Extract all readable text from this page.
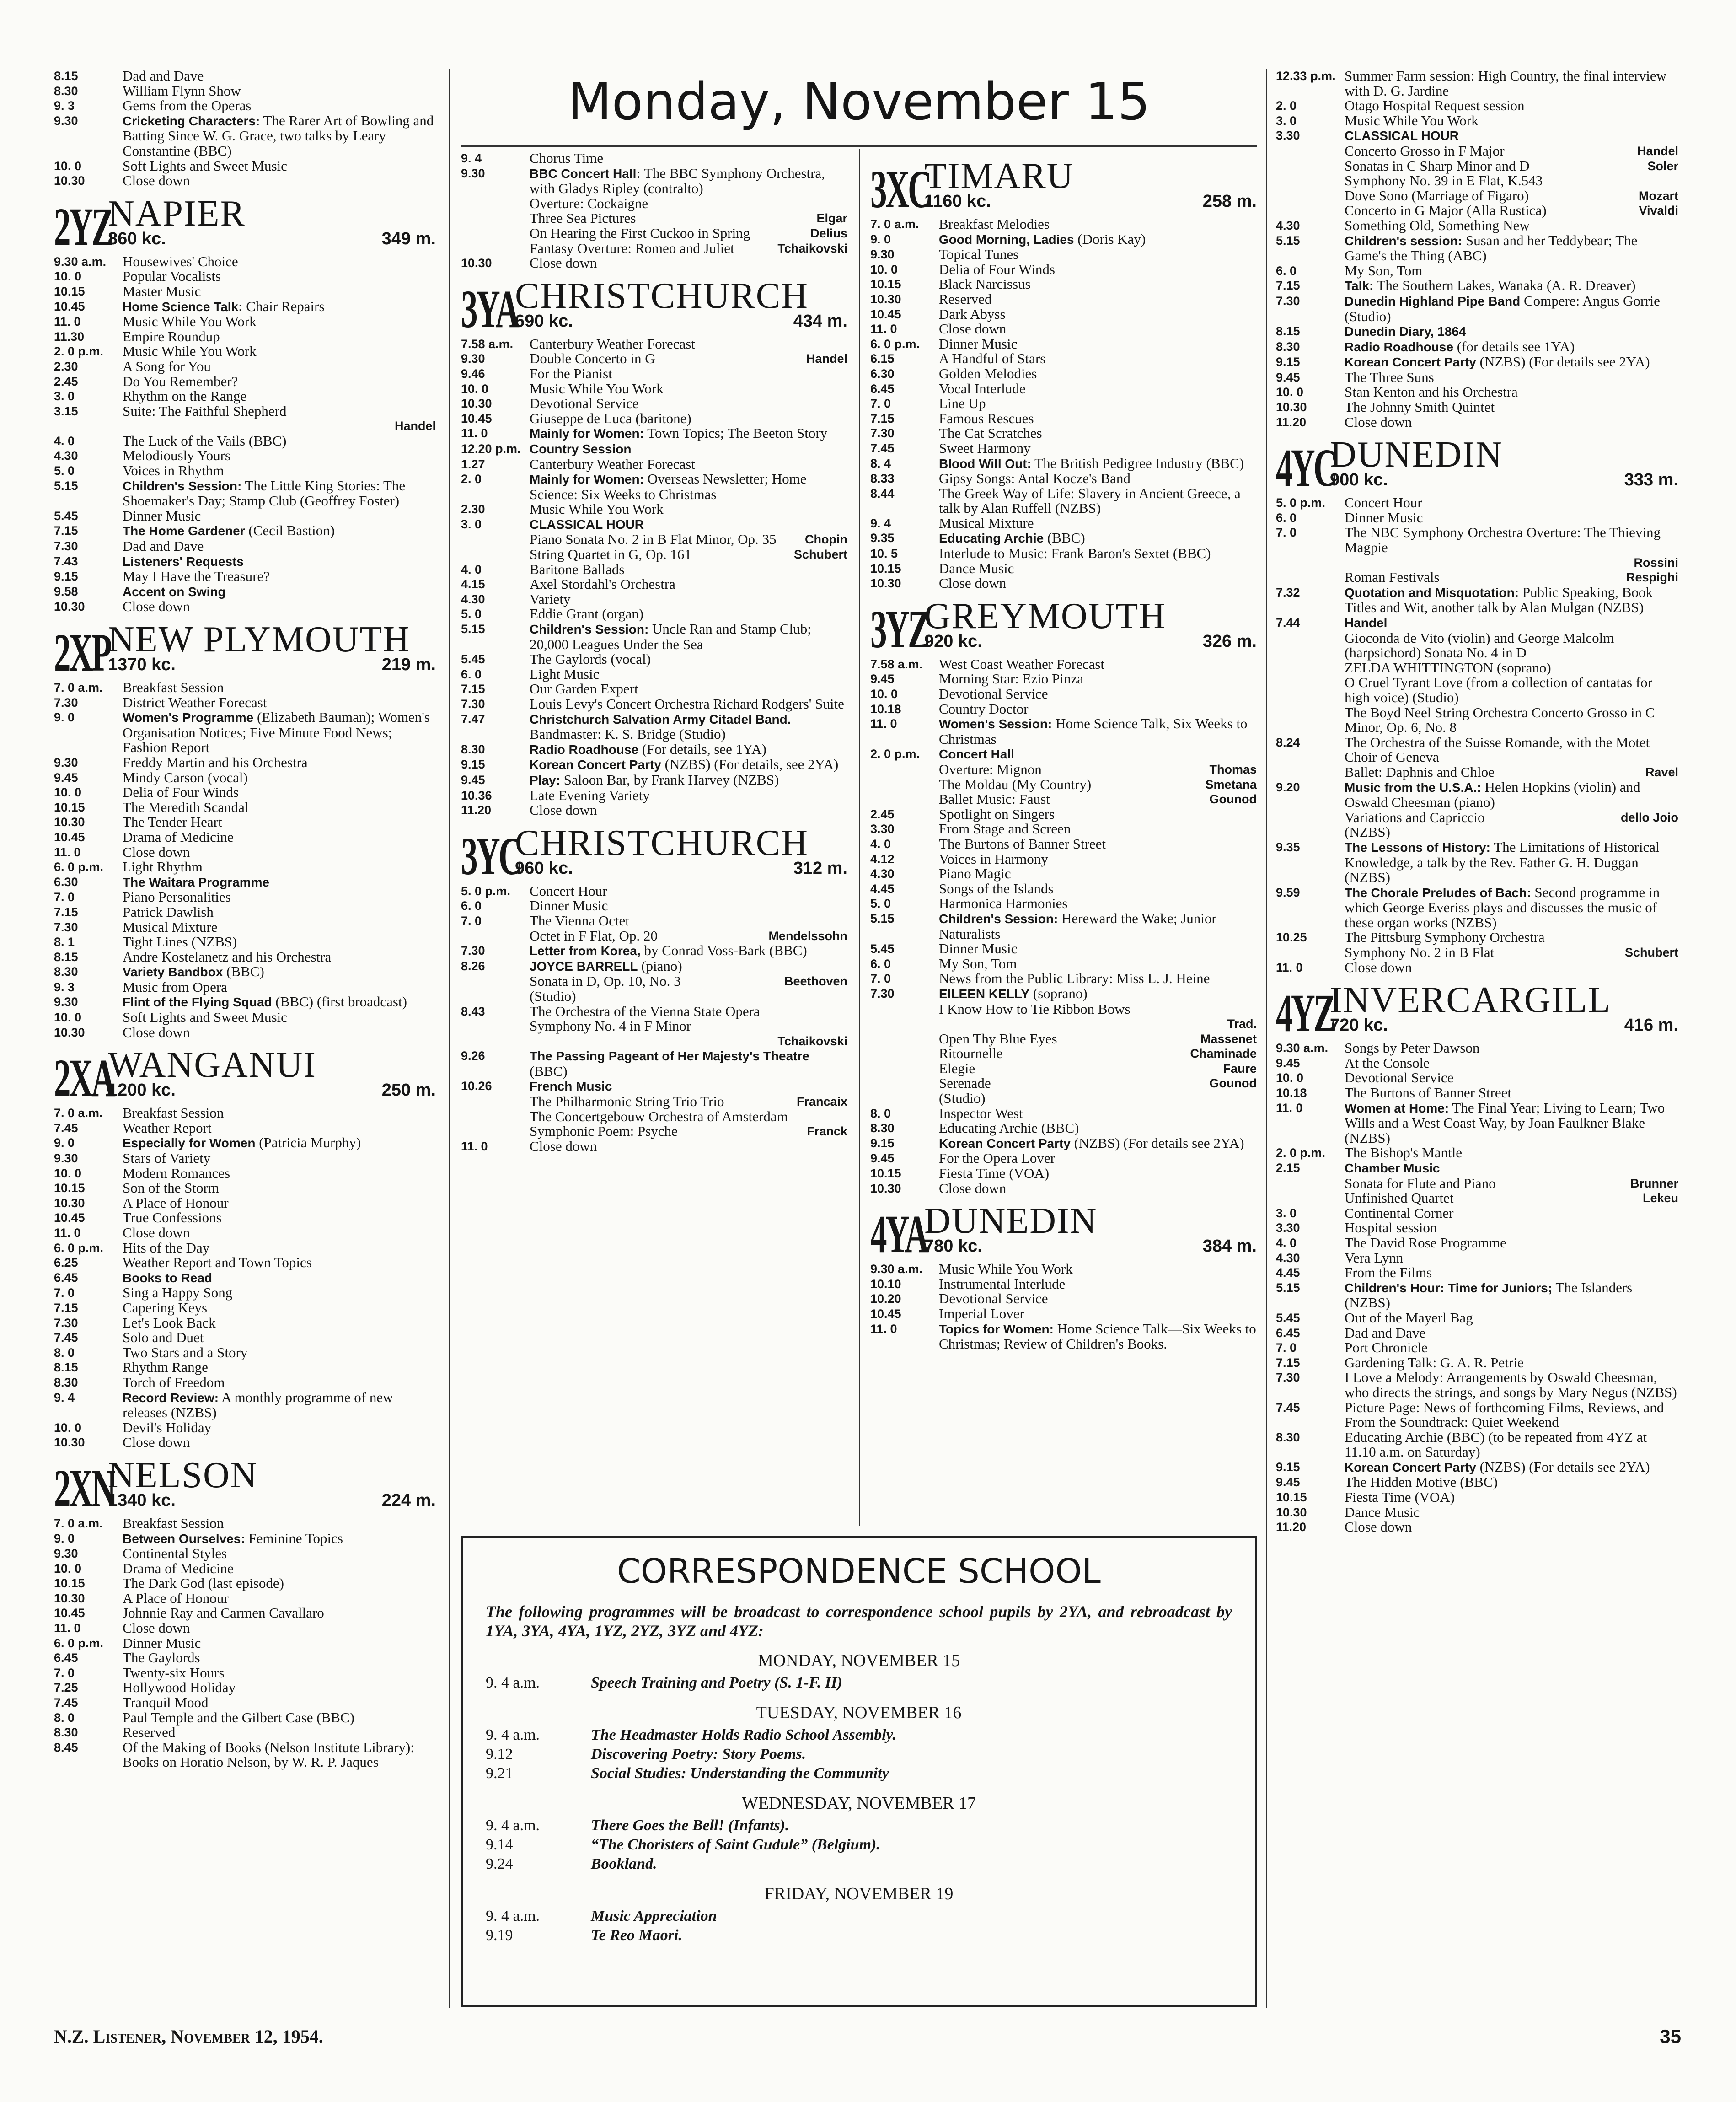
Monday, November 15
8.15	Dad and Dave
8.30	William Flynn Show
9. 3	Gems from the Operas
9.30	Cricketing Characters: The Rarer Art of Bowling and Batting Since W. G. Grace, two talks by Leary Constantine (BBC)
10. 0	Soft Lights and Sweet Music
10.30	Close down
2YZ
NAPIER
860 kc.	349 m.
9.30 a.m.	Housewives' Choice
10. 0	Popular Vocalists
10.15	Master Music
10.45	Home Science Talk: Chair Repairs
11. 0	Music While You Work
11.30	Empire Roundup
2. 0 p.m.	Music While You Work
2.30	A Song for You
2.45	Do You Remember?
3. 0	Rhythm on the Range
3.15	Suite: The Faithful Shepherd
Handel
4. 0	The Luck of the Vails (BBC)
4.30	Melodiously Yours
5. 0	Voices in Rhythm
5.15	Children's Session: The Little King Stories: The Shoemaker's Day; Stamp Club (Geoffrey Foster)
5.45	Dinner Music
7.15	The Home Gardener (Cecil Bastion)
7.30	Dad and Dave
7.43	Listeners' Requests
9.15	May I Have the Treasure?
9.58	Accent on Swing
10.30	Close down
2XP
NEW PLYMOUTH
1370 kc.	219 m.
7. 0 a.m.	Breakfast Session
7.30	District Weather Forecast
9. 0	Women's Programme (Elizabeth Bauman); Women's Organisation Notices; Five Minute Food News; Fashion Report
9.30	Freddy Martin and his Orchestra
9.45	Mindy Carson (vocal)
10. 0	Delia of Four Winds
10.15	The Meredith Scandal
10.30	The Tender Heart
10.45	Drama of Medicine
11. 0	Close down
6. 0 p.m.	Light Rhythm
6.30	The Waitara Programme
7. 0	Piano Personalities
7.15	Patrick Dawlish
7.30	Musical Mixture
8. 1	Tight Lines (NZBS)
8.15	Andre Kostelanetz and his Orchestra
8.30	Variety Bandbox (BBC)
9. 3	Music from Opera
9.30	Flint of the Flying Squad (BBC) (first broadcast)
10. 0	Soft Lights and Sweet Music
10.30	Close down
2XA
WANGANUI
1200 kc.	250 m.
7. 0 a.m.	Breakfast Session
7.45	Weather Report
9. 0	Especially for Women (Patricia Murphy)
9.30	Stars of Variety
10. 0	Modern Romances
10.15	Son of the Storm
10.30	A Place of Honour
10.45	True Confessions
11. 0	Close down
6. 0 p.m.	Hits of the Day
6.25	Weather Report and Town Topics
6.45	Books to Read
7. 0	Sing a Happy Song
7.15	Capering Keys
7.30	Let's Look Back
7.45	Solo and Duet
8. 0	Two Stars and a Story
8.15	Rhythm Range
8.30	Torch of Freedom
9. 4	Record Review: A monthly programme of new releases (NZBS)
10. 0	Devil's Holiday
10.30	Close down
2XN
NELSON
1340 kc.	224 m.
7. 0 a.m.	Breakfast Session
9. 0	Between Ourselves: Feminine Topics
9.30	Continental Styles
10. 0	Drama of Medicine
10.15	The Dark God (last episode)
10.30	A Place of Honour
10.45	Johnnie Ray and Carmen Cavallaro
11. 0	Close down
6. 0 p.m.	Dinner Music
6.45	The Gaylords
7. 0	Twenty-six Hours
7.25	Hollywood Holiday
7.45	Tranquil Mood
8. 0	Paul Temple and the Gilbert Case (BBC)
8.30	Reserved
8.45	Of the Making of Books (Nelson Institute Library): Books on Horatio Nelson, by W. R. P. Jaques
9. 4	Chorus Time
9.30	BBC Concert Hall: The BBC Symphony Orchestra, with Gladys Ripley (contralto)
Overture: Cockaigne
Three Sea Pictures	Elgar
On Hearing the First Cuckoo in Spring	Delius
Fantasy Overture: Romeo and Juliet	Tchaikovski
10.30	Close down
3YA
CHRISTCHURCH
690 kc.	434 m.
7.58 a.m.	Canterbury Weather Forecast
9.30	Double Concerto in G	Handel
9.46	For the Pianist
10. 0	Music While You Work
10.30	Devotional Service
10.45	Giuseppe de Luca (baritone)
11. 0	Mainly for Women: Town Topics; The Beeton Story
12.20 p.m. Country Session
1.27	Canterbury Weather Forecast
2. 0	Mainly for Women: Overseas Newsletter; Home Science: Six Weeks to Christmas
2.30	Music While You Work
3. 0	CLASSICAL HOUR
Piano Sonata No. 2 in B Flat Minor, Op. 35 Chopin
String Quartet in G, Op. 161	Schubert
4. 0	Baritone Ballads
4.15	Axel Stordahl's Orchestra
4.30	Variety
5. 0	Eddie Grant (organ)
5.15	Children's Session: Uncle Ran and Stamp Club; 20,000 Leagues Under the Sea
5.45	The Gaylords (vocal)
6. 0	Light Music
7.15	Our Garden Expert
7.30	Louis Levy's Concert Orchestra Richard Rodgers' Suite
7.47	Christchurch Salvation Army Citadel Band. Bandmaster: K. S. Bridge (Studio)
8.30	Radio Roadhouse (For details, see 1YA)
9.15	Korean Concert Party (NZBS) (For details, see 2YA)
9.45	Play: Saloon Bar, by Frank Harvey (NZBS)
10.36	Late Evening Variety
11.20	Close down
3YC
CHRISTCHURCH
960 kc.	312 m.
5. 0 p.m.	Concert Hour
6. 0	Dinner Music
7. 0	The Vienna Octet
Octet in F Flat, Op. 20	Mendelssohn
7.30	Letter from Korea, by Conrad Voss-Bark (BBC)
8.26	JOYCE BARRELL (piano)
Sonata in D, Op. 10, No. 3	Beethoven
(Studio)
8.43	The Orchestra of the Vienna State Opera
Symphony No. 4 in F Minor
Tchaikovski
9.26	The Passing Pageant of Her Majesty's Theatre (BBC)
10.26	French Music
The Philharmonic String Trio Trio	Francaix
The Concertgebouw Orchestra of Amsterdam
Symphonic Poem: Psyche	Franck
11. 0	Close down
3XC
TIMARU
1160 kc.	258 m.
7. 0 a.m.	Breakfast Melodies
9. 0	Good Morning, Ladies (Doris Kay)
9.30	Topical Tunes
10. 0	Delia of Four Winds
10.15	Black Narcissus
10.30	Reserved
10.45	Dark Abyss
11. 0	Close down
6. 0 p.m.	Dinner Music
6.15	A Handful of Stars
6.30	Golden Melodies
6.45	Vocal Interlude
7. 0	Line Up
7.15	Famous Rescues
7.30	The Cat Scratches
7.45	Sweet Harmony
8. 4	Blood Will Out: The British Pedigree Industry (BBC)
8.33	Gipsy Songs: Antal Kocze's Band
8.44	The Greek Way of Life: Slavery in Ancient Greece, a talk by Alan Ruffell (NZBS)
9. 4	Musical Mixture
9.35	Educating Archie (BBC)
10. 5	Interlude to Music: Frank Baron's Sextet (BBC)
10.15	Dance Music
10.30	Close down
3YZ
GREYMOUTH
920 kc.	326 m.
7.58 a.m.	West Coast Weather Forecast
9.45	Morning Star: Ezio Pinza
10. 0	Devotional Service
10.18	Country Doctor
11. 0	Women's Session: Home Science Talk, Six Weeks to Christmas
2. 0 p.m.	Concert Hall
Overture: Mignon	Thomas
The Moldau (My Country)	Smetana
Ballet Music: Faust	Gounod
2.45	Spotlight on Singers
3.30	From Stage and Screen
4. 0	The Burtons of Banner Street
4.12	Voices in Harmony
4.30	Piano Magic
4.45	Songs of the Islands
5. 0	Harmonica Harmonies
5.15	Children's Session: Hereward the Wake; Junior Naturalists
5.45	Dinner Music
6. 0	My Son, Tom
7. 0	News from the Public Library: Miss L. J. Heine
7.30	EILEEN KELLY (soprano)
I Know How to Tie Ribbon Bows
Trad.
Open Thy Blue Eyes	Massenet
Ritournelle	Chaminade
Elegie	Faure
Serenade	Gounod
(Studio)
8. 0	Inspector West
8.30	Educating Archie (BBC)
9.15	Korean Concert Party (NZBS) (For details see 2YA)
9.45	For the Opera Lover
10.15	Fiesta Time (VOA)
10.30	Close down
4YA
DUNEDIN
780 kc.	384 m.
9.30 a.m.	Music While You Work
10.10	Instrumental Interlude
10.20	Devotional Service
10.45	Imperial Lover
11. 0	Topics for Women: Home Science Talk—Six Weeks to Christmas; Review of Children's Books.
12.33 p.m. Summer Farm session: High Country, the final interview with D. G. Jardine
2. 0	Otago Hospital Request session
3. 0	Music While You Work
3.30	CLASSICAL HOUR
Concerto Grosso in F Major	Handel
Sonatas in C Sharp Minor and D	Soler
Symphony No. 39 in E Flat, K.543
Dove Sono (Marriage of Figaro)	Mozart
Concerto in G Major (Alla Rustica)	Vivaldi
4.30	Something Old, Something New
5.15	Children's session: Susan and her Teddybear; The Game's the Thing (ABC)
6. 0	My Son, Tom
7.15	Talk: The Southern Lakes, Wanaka (A. R. Dreaver)
7.30	Dunedin Highland Pipe Band Compere: Angus Gorrie (Studio)
8.15	Dunedin Diary, 1864
8.30	Radio Roadhouse (for details see 1YA)
9.15	Korean Concert Party (NZBS) (For details see 2YA)
9.45	The Three Suns
10. 0	Stan Kenton and his Orchestra
10.30	The Johnny Smith Quintet
11.20	Close down
4YC
DUNEDIN
900 kc.	333 m.
5. 0 p.m.	Concert Hour
6. 0	Dinner Music
7. 0	The NBC Symphony Orchestra Overture: The Thieving Magpie
Rossini
Roman Festivals	Respighi
7.32	Quotation and Misquotation: Public Speaking, Book Titles and Wit, another talk by Alan Mulgan (NZBS)
7.44	Handel
Gioconda de Vito (violin) and George Malcolm (harpsichord) Sonata No. 4 in D
ZELDA WHITTINGTON (soprano)
O Cruel Tyrant Love (from a collection of cantatas for high voice) (Studio)
The Boyd Neel String Orchestra Concerto Grosso in C Minor, Op. 6, No. 8
8.24	The Orchestra of the Suisse Romande, with the Motet Choir of Geneva
Ballet: Daphnis and Chloe	Ravel
9.20	Music from the U.S.A.: Helen Hopkins (violin) and Oswald Cheesman (piano)
Variations and Capriccio	dello Joio
(NZBS)
9.35	The Lessons of History: The Limitations of Historical Knowledge, a talk by the Rev. Father G. H. Duggan (NZBS)
9.59	The Chorale Preludes of Bach: Second programme in which George Everiss plays and discusses the music of these organ works (NZBS)
10.25	The Pittsburg Symphony Orchestra
Symphony No. 2 in B Flat	Schubert
11. 0	Close down
4YZ
INVERCARGILL
720 kc.	416 m.
9.30 a.m.	Songs by Peter Dawson
9.45	At the Console
10. 0	Devotional Service
10.18	The Burtons of Banner Street
11. 0	Women at Home: The Final Year; Living to Learn; Two Wills and a West Coast Way, by Joan Faulkner Blake (NZBS)
2. 0 p.m.	The Bishop's Mantle
2.15	Chamber Music
Sonata for Flute and Piano	Brunner
Unfinished Quartet	Lekeu
3. 0	Continental Corner
3.30	Hospital session
4. 0	The David Rose Programme
4.30	Vera Lynn
4.45	From the Films
5.15	Children's Hour: Time for Juniors; The Islanders (NZBS)
5.45	Out of the Mayerl Bag
6.45	Dad and Dave
7. 0	Port Chronicle
7.15	Gardening Talk: G. A. R. Petrie
7.30	I Love a Melody: Arrangements by Oswald Cheesman, who directs the strings, and songs by Mary Negus (NZBS)
7.45	Picture Page: News of forthcoming Films, Reviews, and From the Soundtrack: Quiet Weekend
8.30	Educating Archie (BBC) (to be repeated from 4YZ at 11.10 a.m. on Saturday)
9.15	Korean Concert Party (NZBS) (For details see 2YA)
9.45	The Hidden Motive (BBC)
10.15	Fiesta Time (VOA)
10.30	Dance Music
11.20	Close down
CORRESPONDENCE SCHOOL
The following programmes will be broadcast to correspondence school pupils by 2YA, and rebroadcast by 1YA, 3YA, 4YA, 1YZ, 2YZ, 3YZ and 4YZ:
MONDAY, NOVEMBER 15
9. 4 a.m.	Speech Training and Poetry (S. 1-F. II)
TUESDAY, NOVEMBER 16
9. 4 a.m.	The Headmaster Holds Radio School Assembly.
9.12	Discovering Poetry: Story Poems.
9.21	Social Studies: Understanding the Community
WEDNESDAY, NOVEMBER 17
9. 4 a.m.	There Goes the Bell! (Infants).
9.14	“The Choristers of Saint Gudule” (Belgium).
9.24	Bookland.
FRIDAY, NOVEMBER 19
9. 4 a.m.	Music Appreciation
9.19	Te Reo Maori.
N.Z. Listener, November 12, 1954.	35
